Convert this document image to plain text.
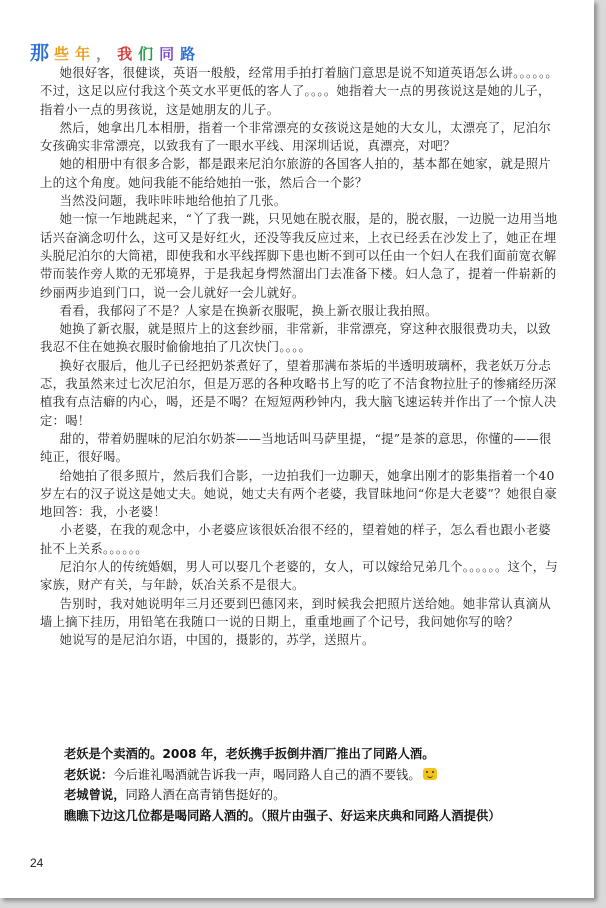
那 些 年 ， 我 们 同 路

她很好客，很健谈，英语一般般，经常用手拍打着脑门意思是说不知道英语怎么讲。。。。。。不过，这足以应付我这个英文水平更低的客人了。。。。她指着大一点的男孩说这是她的儿子，指着小一点的男孩说，这是她朋友的儿子。

然后，她拿出几本相册，指着一个非常漂亮的女孩说这是她的大女儿，太漂亮了，尼泊尔女孩确实非常漂亮，以致我有了一眼水平线、用深圳话说，真漂亮，对吧？

她的相册中有很多合影，都是跟来尼泊尔旅游的各国客人拍的，基本都在她家，就是照片上的这个角度。她问我能不能给她拍一张，然后合一个影？

当然没问题，我咔咔咔地给他拍了几张。

她一惊一乍地跳起来，“丫了我一跳，只见她在脱衣服，是的，脱衣服，一边脱一边用当地话兴奋滴念叨什么，这可又是好红火，还没等我反应过来，上衣已经丢在沙发上了，她正在埋头脱尼泊尔的大筒裙，即使我和水平线挥脚下患也断不到可以任由一个妇人在我们面前宽衣解带而装作旁人欺的无邪境界，于是我起身愕然溜出门去准备下楼。妇人急了，提着一件崭新的纱丽两步追到门口，说一会儿就好一会儿就好。

看看，我郁闷了不是？人家是在换新衣服呢，换上新衣服让我拍照。

她换了新衣服，就是照片上的这套纱丽，非常新，非常漂亮，穿这种衣服很费功夫，以致我忍不住在她换衣服时偷偷地拍了几次快门。。。。

换好衣服后，他儿子已经把奶茶煮好了，望着那满布茶垢的半透明玻璃杯，我老妖万分忐忑，我虽然来过七次尼泊尔，但是万恶的各种攻略书上写的吃了不洁食物拉肚子的惨痛经历深植我有点洁癖的内心，喝，还是不喝？在短短两秒钟内，我大脑飞速运转并作出了一个惊人决定：喝！

甜的，带着奶腥味的尼泊尔奶茶——当地话叫马萨里提，“提”是茶的意思，你懂的——很纯正，很好喝。

给她拍了很多照片，然后我们合影，一边拍我们一边聊天，她拿出刚才的影集指着一个40岁左右的汉子说这是她丈夫。她说，她丈夫有两个老婆，我冒昧地问“你是大老婆”？她很自豪地回答：我，小老婆！

小老婆，在我的观念中，小老婆应该很妖冶很不经的，望着她的样子，怎么看也跟小老婆扯不上关系。。。。。。

尼泊尔人的传统婚姻，男人可以娶几个老婆的，女人，可以嫁给兄弟几个。。。。。。这个，与家族，财产有关，与年龄，妖冶关系不是很大。

告别时，我对她说明年三月还要到巴德冈来，到时候我会把照片送给她。她非常认真滴从墙上摘下挂历，用铅笔在我随口一说的日期上，重重地画了个记号，我问她你写的啥？

她说写的是尼泊尔语，中国的，摄影的，苏学，送照片。

老妖是个卖酒的。2008 年，老妖携手扳倒井酒厂推出了同路人酒。

老妖说：今后谁礼喝酒就告诉我一声，喝同路人自己的酒不要钱。

老城曾说，同路人酒在高青销售挺好的。

瞧瞧下边这几位都是喝同路人酒的。（照片由强子、好运来庆典和同路人酒提供）

24
